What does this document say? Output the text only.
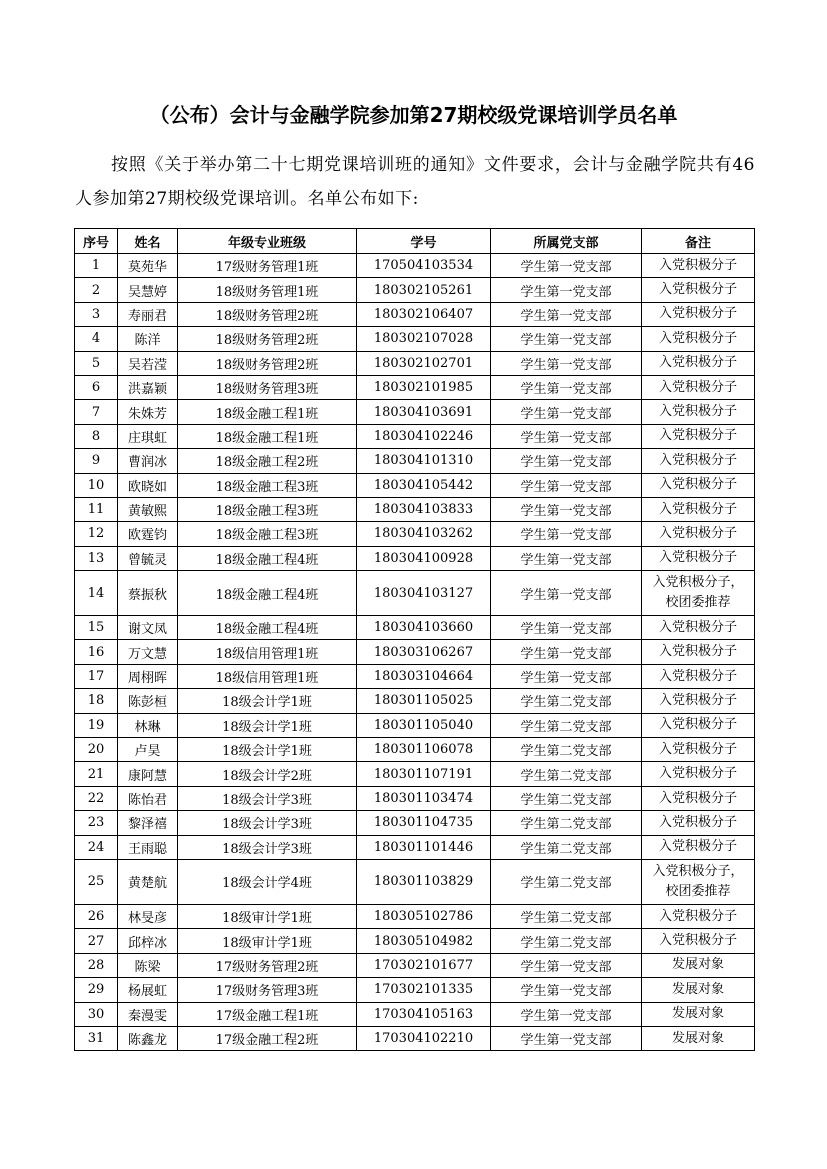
（公布）会计与金融学院参加第27期校级党课培训学员名单

按照《关于举办第二十七期党课培训班的通知》文件要求，会计与金融学院共有46人参加第27期校级党课培训。名单公布如下:

序号	姓名	年级专业班级	学号	所属党支部	备注
1	莫苑华	17级财务管理1班	170504103534	学生第一党支部	入党积极分子

2	吴慧婷	18级财务管理1班	180302105261	学生第一党支部	入党积极分子

3	寿丽君	18级财务管理2班	180302106407	学生第一党支部	入党积极分子

4	陈洋	18级财务管理2班	180302107028	学生第一党支部	入党积极分子

5	吴若滢	18级财务管理2班	180302102701	学生第一党支部	入党积极分子

6	洪嘉颖	18级财务管理3班	180302101985	学生第一党支部	入党积极分子

7	朱姝芳	18级金融工程1班	180304103691	学生第一党支部	入党积极分子

8	庄琪虹	18级金融工程1班	180304102246	学生第一党支部	入党积极分子

9	曹润冰	18级金融工程2班	180304101310	学生第一党支部	入党积极分子

10	欧晓如	18级金融工程3班	180304105442	学生第一党支部	入党积极分子

11	黄敏熙	18级金融工程3班	180304103833	学生第一党支部	入党积极分子

12	欧霆钧	18级金融工程3班	180304103262	学生第一党支部	入党积极分子

13	曾毓灵	18级金融工程4班	180304100928	学生第一党支部	入党积极分子

14	蔡振秋	18级金融工程4班	180304103127	学生第一党支部	入党积极分子，
校团委推荐

15	谢文凤	18级金融工程4班	180304103660	学生第一党支部	入党积极分子

16	万文慧	18级信用管理1班	180303106267	学生第一党支部	入党积极分子

17	周栩晖	18级信用管理1班	180303104664	学生第一党支部	入党积极分子

18	陈彭桓	18级会计学1班	180301105025	学生第二党支部	入党积极分子

19	林琳	18级会计学1班	180301105040	学生第二党支部	入党积极分子

20	卢昊	18级会计学1班	180301106078	学生第二党支部	入党积极分子

21	康阿慧	18级会计学2班	180301107191	学生第二党支部	入党积极分子

22	陈怡君	18级会计学3班	180301103474	学生第二党支部	入党积极分子

23	黎泽禧	18级会计学3班	180301104735	学生第二党支部	入党积极分子

24	王雨聪	18级会计学3班	180301101446	学生第二党支部	入党积极分子

25	黄楚航	18级会计学4班	180301103829	学生第二党支部	入党积极分子，
校团委推荐

26	林旻彦	18级审计学1班	180305102786	学生第二党支部	入党积极分子

27	邱梓冰	18级审计学1班	180305104982	学生第二党支部	入党积极分子

28	陈梁	17级财务管理2班	170302101677	学生第一党支部	发展对象

29	杨展虹	17级财务管理3班	170302101335	学生第一党支部	发展对象

30	秦漫雯	17级金融工程1班	170304105163	学生第一党支部	发展对象

31	陈鑫龙	17级金融工程2班	170304102210	学生第一党支部	发展对象
